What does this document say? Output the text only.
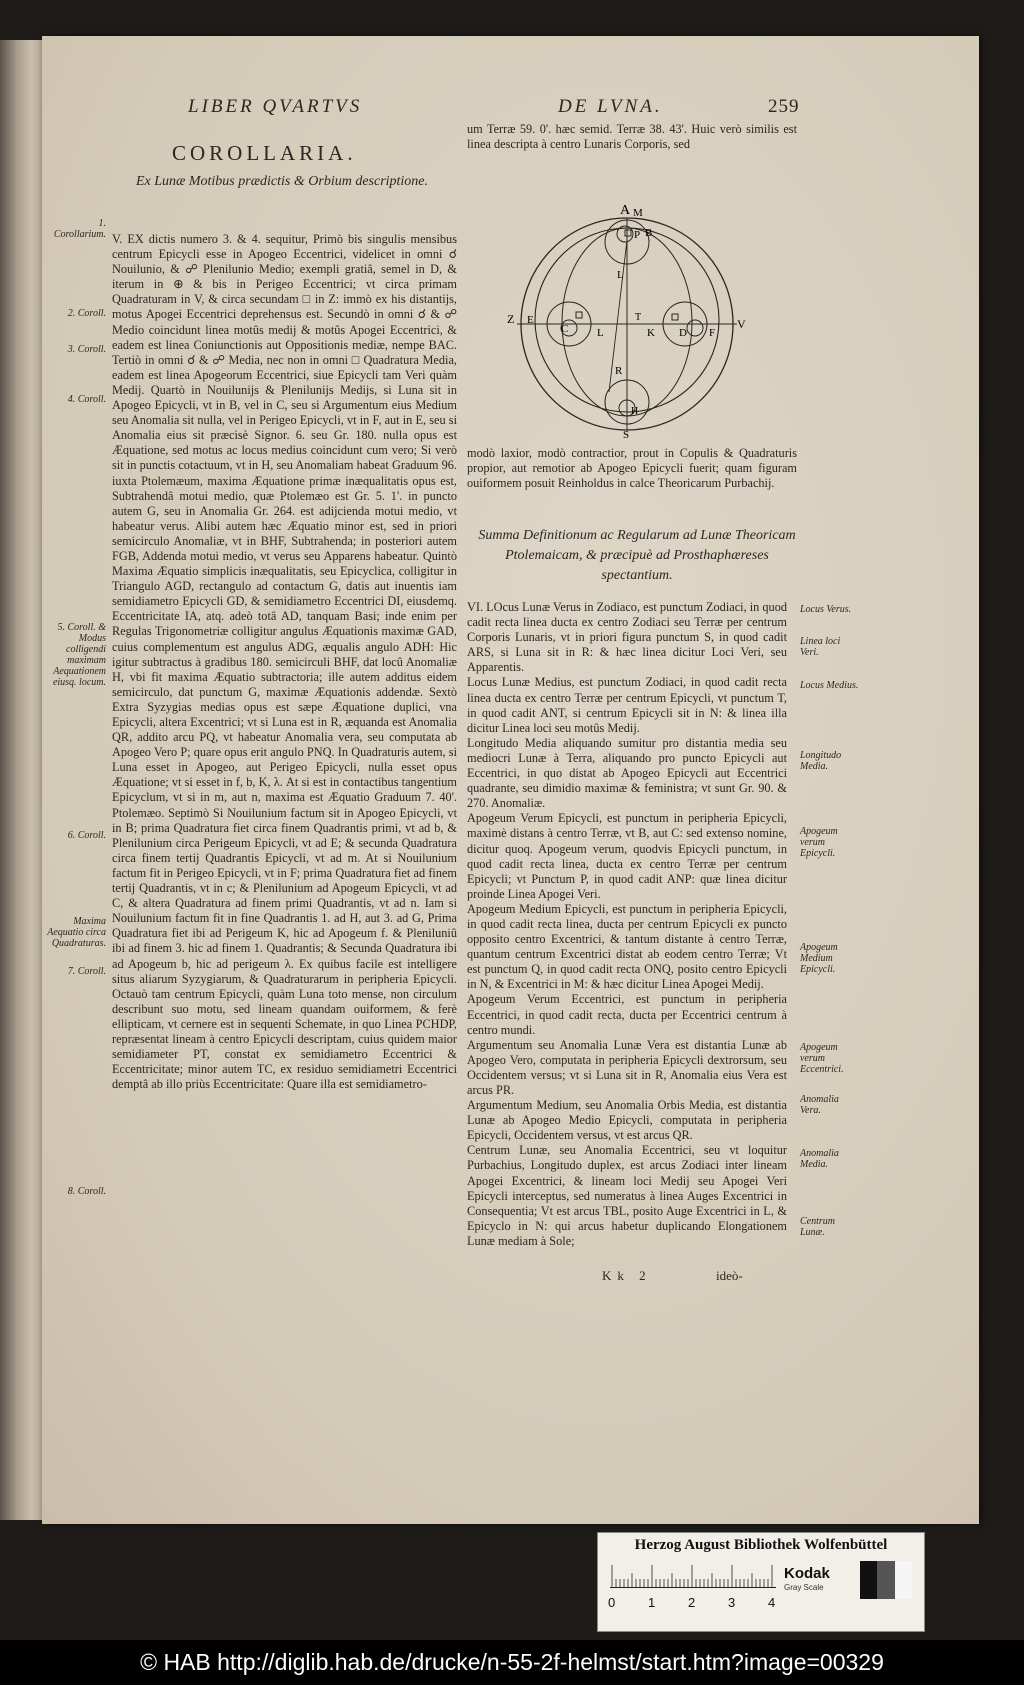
LIBER QVARTVS	DE LVNA.	259
COROLLARIA.
Ex Lunæ Motibus prædictis & Orbium descriptione.

V. EX dictis numero 3. & 4. sequitur, Primò bis singulis mensibus centrum Epicycli esse in Apogeo Eccentrici, videlicet in omni ☌ Nouilunio, & ☍ Plenilunio Medio; exempli gratiâ, semel in D, & iterum in ⊕ & bis in Perigeo Eccentrici; vt circa primam Quadraturam in V, & circa secundam □ in Z: immò ex his distantijs, motus Apogei Eccentrici deprehensus est. Secundò in omni ☌ & ☍ Medio coincidunt linea motûs medij & motûs Apogei Eccentrici, & eadem est linea Coniunctionis aut Oppositionis mediæ, nempe BAC. Tertiò in omni ☌ & ☍ Media, nec non in omni □ Quadratura Media, eadem est linea Apogeorum Eccentrici, siue Epicycli tam Veri quàm Medij. Quartò in Nouilunijs & Plenilunijs Medijs, si Luna sit in Apogeo Epicycli, vt in B, vel in C, seu si Argumentum eius Medium seu Anomalia sit nulla, vel in Perigeo Epicycli, vt in F, aut in E, seu si Anomalia eius sit præcisè Signor. 6. seu Gr. 180. nulla opus est Æquatione, sed motus ac locus medius coincidunt cum vero; Si verò sit in punctis cotactuum, vt in H, seu Anomaliam habeat Graduum 96. iuxta Ptolemæum, maxima Æquatione primæ inæqualitatis opus est, Subtrahendâ motui medio, quæ Ptolemæo est Gr. 5. 1'. in puncto autem G, seu in Anomalia Gr. 264. est adijcienda motui medio, vt habeatur verus. Alibi autem hæc Æquatio minor est, sed in priori semicirculo Anomaliæ, vt in BHF, Subtrahenda; in posteriori autem FGB, Addenda motui medio, vt verus seu Apparens habeatur. Quintò Maxima Æquatio simplicis inæqualitatis, seu Epicyclica, colligitur in Triangulo AGD, rectangulo ad contactum G, datis aut inuentis iam semidiametro Epicycli GD, & semidiametro Eccentrici DI, eiusdemq. Eccentricitate IA, atq. adeò totâ AD, tanquam Basi; inde enim per Regulas Trigonometriæ colligitur angulus Æquationis maximæ GAD, cuius complementum est angulus ADG, æqualis angulo ADH: Hic igitur subtractus à gradibus 180. semicirculi BHF, dat locû Anomaliæ H, vbi fit maxima Æquatio subtractoria; ille autem additus eidem semicirculo, dat punctum G, maximæ Æquationis addendæ. Sextò Extra Syzygias medias opus est sæpe Æquatione duplici, vna Epicycli, altera Excentrici; vt si Luna est in R, æquanda est Anomalia QR, addito arcu PQ, vt habeatur Anomalia vera, seu computata ab Apogeo Vero P; quare opus erit angulo PNQ. In Quadraturis autem, si Luna esset in Apogeo, aut Perigeo Epicycli, nulla esset opus Æquatione; vt si esset in f, b, K, λ. At si est in contactibus tangentium Epicyclum, vt si in m, aut n, maxima est Æquatio Graduum 7. 40'. Ptolemæo. Septimò Si Nouilunium factum sit in Apogeo Epicycli, vt in B; prima Quadratura fiet circa finem Quadrantis primi, vt ad b, & Plenilunium circa Perigeum Epicycli, vt ad E; & secunda Quadratura circa finem tertij Quadrantis Epicycli, vt ad m. At si Nouilunium factum fit in Perigeo Epicycli, vt in F; prima Quadratura fiet ad finem tertij Quadrantis, vt in c; & Plenilunium ad Apogeum Epicycli, vt ad C, & altera Quadratura ad finem primi Quadrantis, vt ad n. Iam si Nouilunium factum fit in fine Quadrantis 1. ad H, aut 3. ad G, Prima Quadratura fiet ibi ad Perigeum K, hic ad Apogeum f. & Pleniluniû ibi ad finem 3. hic ad finem 1. Quadrantis; & Secunda Quadratura ibi ad Apogeum b, hic ad perigeum λ. Ex quibus facile est intelligere situs aliarum Syzygiarum, & Quadraturarum in peripheria Epicycli. Octauò tam centrum Epicycli, quàm Luna toto mense, non circulum describunt suo motu, sed lineam quandam ouiformem, & ferè ellipticam, vt cernere est in sequenti Schemate, in quo Linea PCHDP, repræsentat lineam à centro Epicycli descriptam, cuius quidem maior semidiameter PT, constat ex semidiametro Eccentrici & Eccentricitate; minor autem TC, ex residuo semidiametri Eccentrici demptâ ab illo priùs Eccentricitate: Quare illa est semidiametro-

1. Corollarium.
2. Coroll.
3. Coroll.
4. Coroll.
5. Coroll. & Modus colligendi maximam Aequationem eiusq. locum.
6. Coroll.
Maxima Aequatio circa Quadraturas.
7. Coroll.
8. Coroll.
um Terræ 59. 0'. hæc semid. Terræ 38. 43'. Huic verò similis est linea descripta à centro Lunaris Corporis, sed
A M
P B
L
Z E
C	L
T
K D F
V
R
H
S
modò laxior, modò contractior, prout in Copulis & Quadraturis propior, aut remotior ab Apogeo Epicycli fuerit; quam figuram ouiformem posuit Reinholdus in calce Theoricarum Purbachij.
Summa Definitionum ac Regularum ad Lunæ Theoricam Ptolemaicam, & præcipuè ad Prosthaphæreses spectantium.

VI. LOcus Lunæ Verus in Zodiaco, est punctum Zodiaci, in quod cadit recta linea ducta ex centro Zodiaci seu Terræ per centrum Corporis Lunaris, vt in priori figura punctum S, in quod cadit ARS, si Luna sit in R: & hæc linea dicitur Loci Veri, seu Apparentis.

Locus Lunæ Medius, est punctum Zodiaci, in quod cadit recta linea ducta ex centro Terræ per centrum Epicycli, vt punctum T, in quod cadit ANT, si centrum Epicycli sit in N: & linea illa dicitur Linea loci seu motûs Medij.

Longitudo Media aliquando sumitur pro distantia media seu mediocri Lunæ à Terra, aliquando pro puncto Epicycli aut Eccentrici, in quo distat ab Apogeo Epicycli aut Eccentrici quadrante, seu dimidio maximæ & feministra; vt sunt Gr. 90. & 270. Anomaliæ.

Apogeum Verum Epicycli, est punctum in peripheria Epicycli, maximè distans à centro Terræ, vt B, aut C: sed extenso nomine, dicitur quoq. Apogeum verum, quodvis Epicycli punctum, in quod cadit recta linea, ducta ex centro Terræ per centrum Epicycli; vt Punctum P, in quod cadit ANP: quæ linea dicitur proinde Linea Apogei Veri.

Apogeum Medium Epicycli, est punctum in peripheria Epicycli, in quod cadit recta linea, ducta per centrum Epicycli ex puncto opposito centro Excentrici, & tantum distante à centro Terræ, quantum centrum Excentrici distat ab eodem centro Terræ; Vt est punctum Q, in quod cadit recta ONQ, posito centro Epicycli in N, & Excentrici in M: & hæc dicitur Linea Apogei Medij.

Apogeum Verum Eccentrici, est punctum in peripheria Eccentrici, in quod cadit recta, ducta per Eccentrici centrum à centro mundi.

Argumentum seu Anomalia Lunæ Vera est distantia Lunæ ab Apogeo Vero, computata in peripheria Epicycli dextrorsum, seu Occidentem versus; vt si Luna sit in R, Anomalia eius Vera est arcus PR.

Argumentum Medium, seu Anomalia Orbis Media, est distantia Lunæ ab Apogeo Medio Epicycli, computata in peripheria Epicycli, Occidentem versus, vt est arcus QR.

Centrum Lunæ, seu Anomalia Eccentrici, seu vt loquitur Purbachius, Longitudo duplex, est arcus Zodiaci inter lineam Apogei Excentrici, & lineam loci Medij seu Apogei Veri Epicycli interceptus, sed numeratus à linea Auges Excentrici in Consequentia; Vt est arcus TBL, posito Auge Excentrici in L, & Epicyclo in N: qui arcus habetur duplicando Elongationem Lunæ mediam à Sole;

Locus Verus.
Linea loci Veri.
Locus Medius.
Longitudo Media.
Apogeum verum Epicycli.
Apogeum Medium Epicycli.
Apogeum verum Eccentrici.
Anomalia Vera.
Anomalia Media.
Centrum Lunæ.
Kk 2	ideò-
Herzog August Bibliothek Wolfenbüttel
0	1	2	3	4
Kodak
Gray Scale
© HAB http://diglib.hab.de/drucke/n-55-2f-helmst/start.htm?image=00329
